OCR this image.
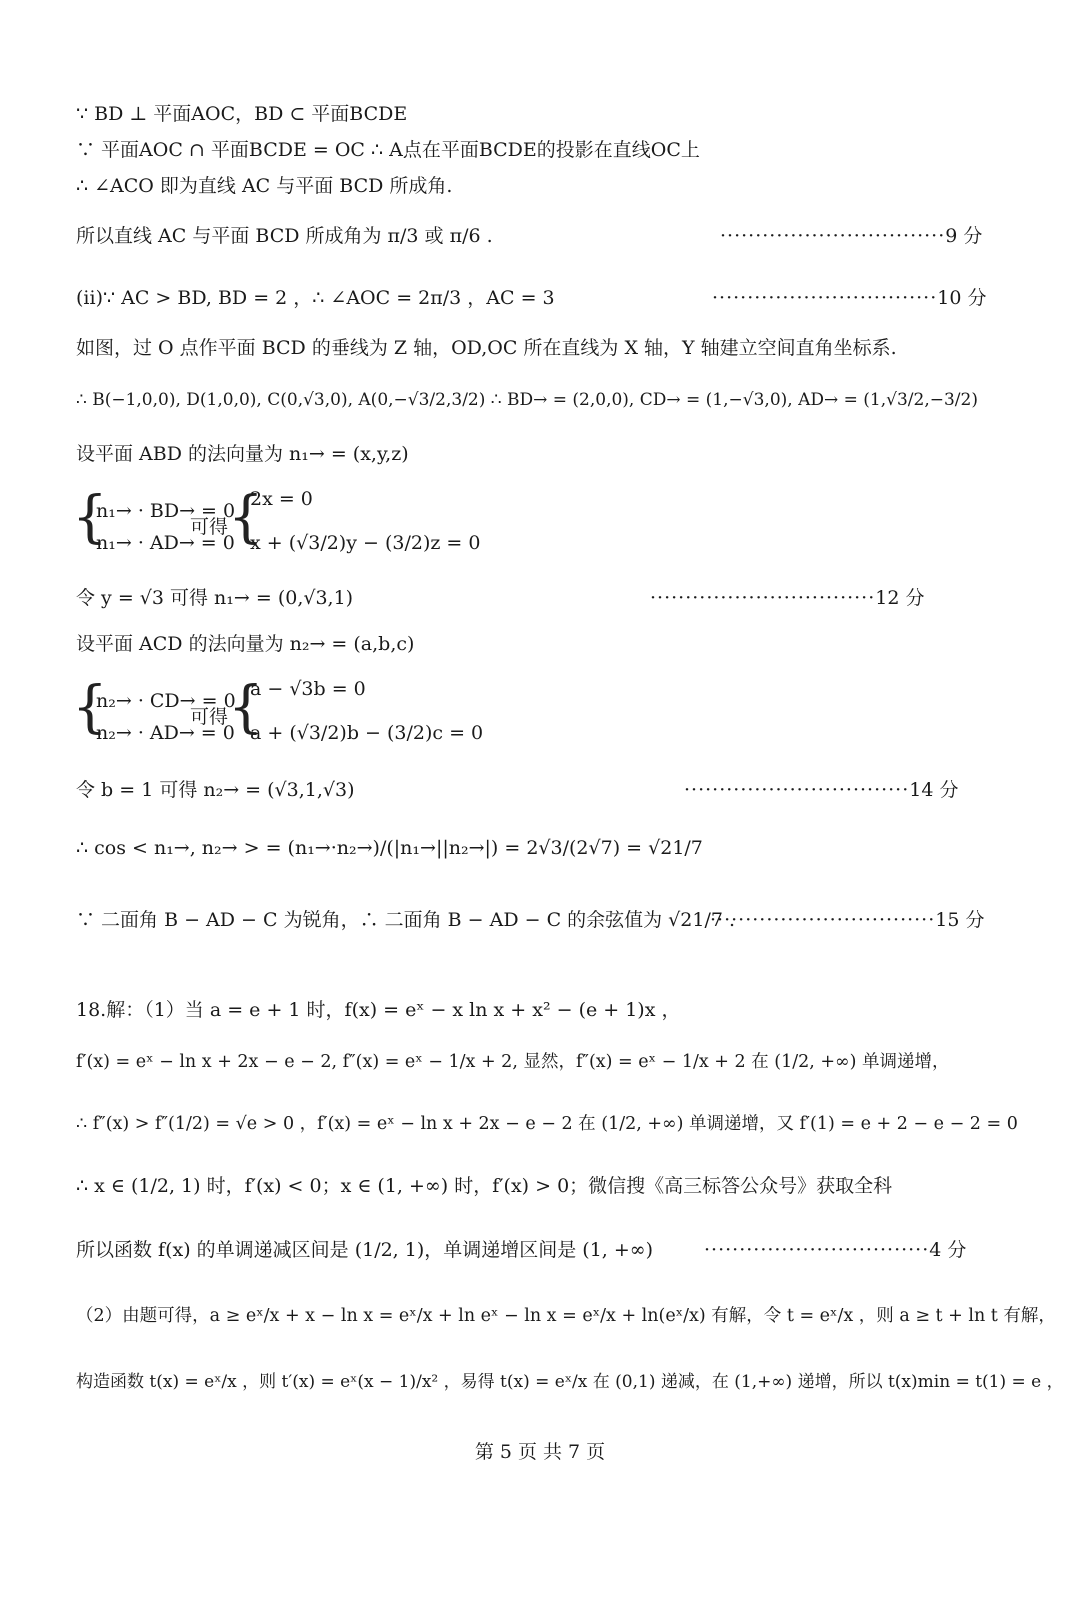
∵ BD ⊥ 平面AOC，BD ⊂ 平面BCDE
∵ 平面AOC ∩ 平面BCDE = OC ∴ A点在平面BCDE的投影在直线OC上
∴ ∠ACO 即为直线 AC 与平面 BCD 所成角.
所以直线 AC 与平面 BCD 所成角为 π/3 或 π/6 .	································9 分
(ii)∵ AC > BD, BD = 2 ，∴ ∠AOC = 2π/3 ，AC = 3	································10 分
如图，过 O 点作平面 BCD 的垂线为 Z 轴，OD,OC 所在直线为 X 轴，Y 轴建立空间直角坐标系.
∴ B(−1,0,0), D(1,0,0), C(0,√3,0), A(0,−√3/2,3/2) ∴ BD→ = (2,0,0), CD→ = (1,−√3,0), AD→ = (1,√3/2,−3/2)
设平面 ABD 的法向量为 n₁→ = (x,y,z)
{
n₁→ · BD→ = 0
n₁→ · AD→ = 0
可得 {
2x = 0
x + (√3/2)y − (3/2)z = 0
令 y = √3 可得 n₁→ = (0,√3,1)	································12 分
设平面 ACD 的法向量为 n₂→ = (a,b,c)
{
n₂→ · CD→ = 0
n₂→ · AD→ = 0
可得 {
a − √3b = 0
a + (√3/2)b − (3/2)c = 0
令 b = 1 可得 n₂→ = (√3,1,√3)	································14 分
∴ cos < n₁→, n₂→ > = (n₁→·n₂→)/(|n₁→||n₂→|) = 2√3/(2√7) = √21/7
∵ 二面角 B − AD − C 为锐角，∴ 二面角 B − AD − C 的余弦值为 √21/7 .
································15 分
18.解：（1）当 a = e + 1 时，f(x) = eˣ − x ln x + x² − (e + 1)x ，
f′(x) = eˣ − ln x + 2x − e − 2, f″(x) = eˣ − 1/x + 2, 显然，f″(x) = eˣ − 1/x + 2 在 (1/2, +∞) 单调递增，
∴ f″(x) > f″(1/2) = √e > 0 ，f′(x) = eˣ − ln x + 2x − e − 2 在 (1/2, +∞) 单调递增，又 f′(1) = e + 2 − e − 2 = 0
∴ x ∈ (1/2, 1) 时，f′(x) < 0；x ∈ (1, +∞) 时，f′(x) > 0；微信搜《高三标答公众号》获取全科
所以函数 f(x) 的单调递减区间是 (1/2, 1)，单调递增区间是 (1, +∞)	································4 分
（2）由题可得，a ≥ eˣ/x + x − ln x = eˣ/x + ln eˣ − ln x = eˣ/x + ln(eˣ/x) 有解，令 t = eˣ/x ，则 a ≥ t + ln t 有解，
构造函数 t(x) = eˣ/x ，则 t′(x) = eˣ(x − 1)/x² ，易得 t(x) = eˣ/x 在 (0,1) 递减，在 (1,+∞) 递增，所以 t(x)min = t(1) = e ，
第 5 页 共 7 页
